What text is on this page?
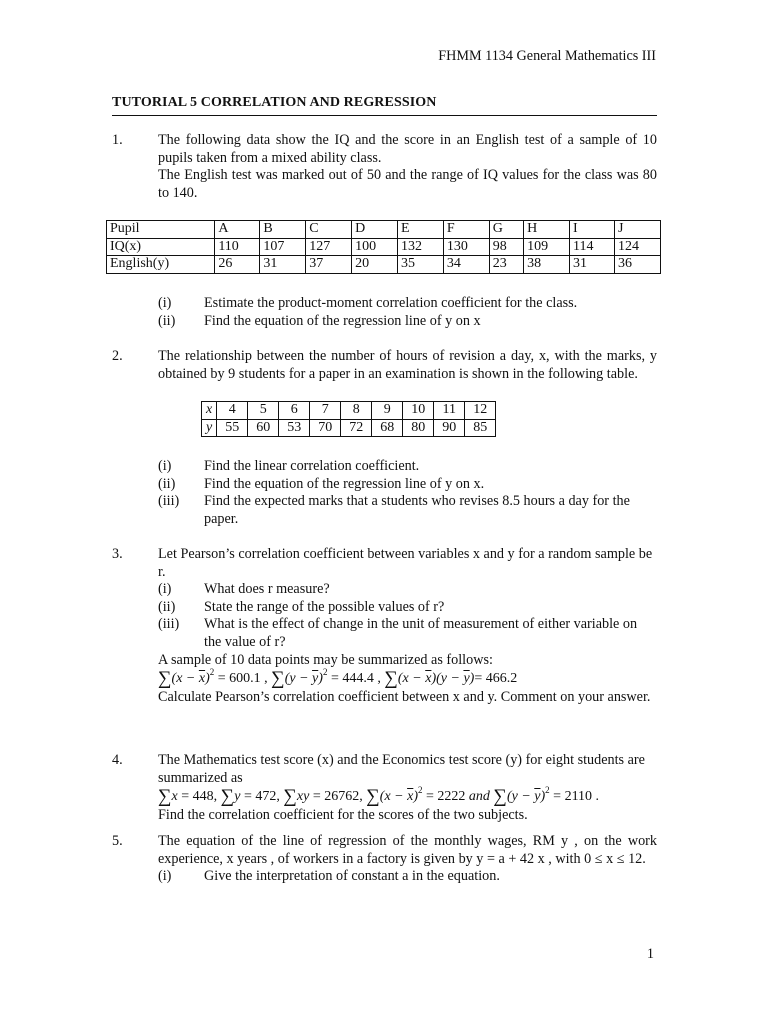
FHMM 1134 General Mathematics III
TUTORIAL 5 CORRELATION AND REGRESSION
1. The following data show the IQ and the score in an English test of a sample of 10 pupils taken from a mixed ability class.
The English test was marked out of 50 and the range of IQ values for the class was 80 to 140.
Pupil	A	B	C	D	E	F	G	H	I	J
IQ(x)	110	107	127	100	132	130	98	109	114	124
English(y)	26	31	37	20	35	34	23	38	31	36
(i)	Estimate the product-moment correlation coefficient for the class.
(ii)	Find the equation of the regression line of y on x
2. The relationship between the number of hours of revision a day, x, with the marks, y obtained by 9 students for a paper in an examination is shown in the following table.
x	4	5	6	7	8	9	10	11	12
y	55	60	53	70	72	68	80	90	85
(i)	Find the linear correlation coefficient.
(ii)	Find the equation of the regression line of y on x.
(iii)	Find the expected marks that a students who revises 8.5 hours a day for the paper.
3. Let Pearson’s correlation coefficient between variables x and y for a random sample be r.
(i)	What does r measure?
(ii)	State the range of the possible values of r?
(iii)	What is the effect of change in the unit of measurement of either variable on the value of r?
A sample of 10 data points may be summarized as follows:
$\sum(x - \overline{x})^2 = 600.1$ , $\sum(y - \overline{y})^2 = 444.4$ , $\sum(x - \overline{x})(y - \overline{y})= 466.2$
Calculate Pearson’s correlation coefficient between x and y. Comment on your answer.
4. The Mathematics test score (x) and the Economics test score (y) for eight students are summarized as
∑x = 448, ∑y = 472, ∑xy = 26762, $\sum(x - \overline{x})^2 = 2222$ and $\sum(y - \overline{y})^2 = 2110$ .
Find the correlation coefficient for the scores of the two subjects.
5. The equation of the line of regression of the monthly wages, RM y , on the work experience, x years , of workers in a factory is given by y = a + 42 x , with 0 ≤ x ≤ 12.
(i)	Give the interpretation of constant a in the equation.
1
